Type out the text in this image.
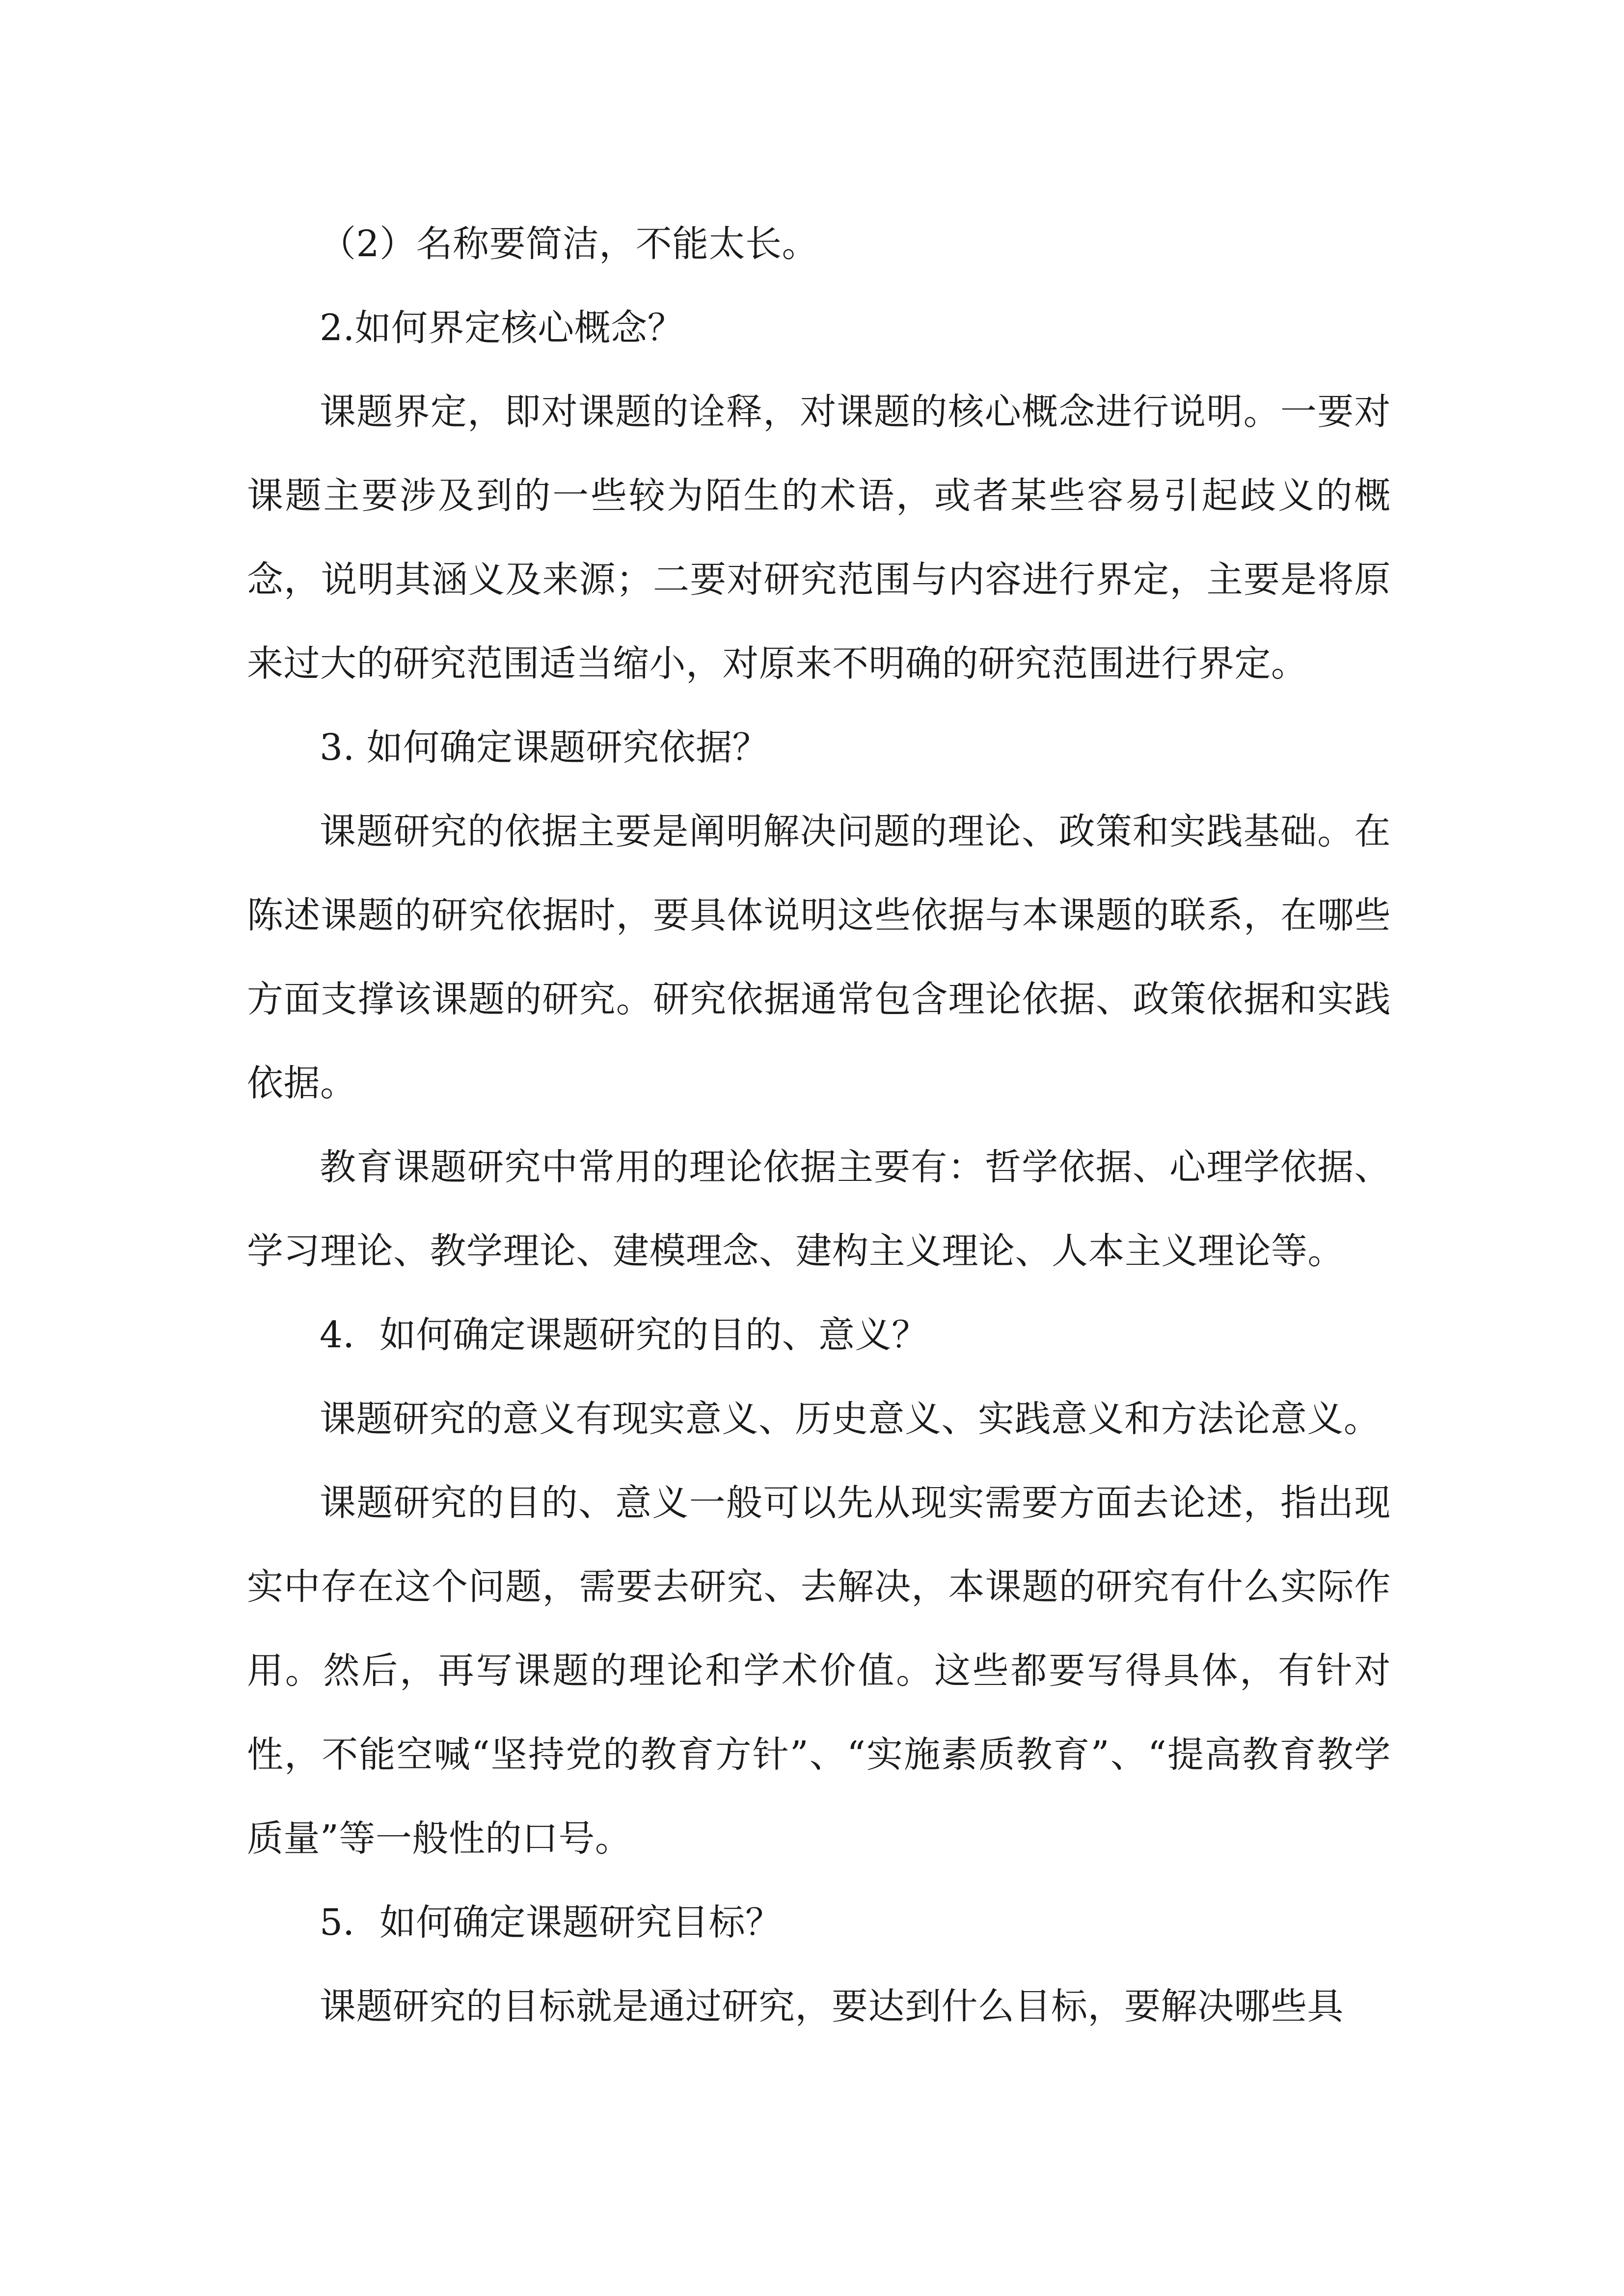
（2）名称要简洁，不能太长。

2.如何界定核心概念？

课题界定，即对课题的诠释，对课题的核心概念进行说明。一要对课题主要涉及到的一些较为陌生的术语，或者某些容易引起歧义的概念，说明其涵义及来源；二要对研究范围与内容进行界定，主要是将原来过大的研究范围适当缩小，对原来不明确的研究范围进行界定。

3. 如何确定课题研究依据？

课题研究的依据主要是阐明解决问题的理论、政策和实践基础。在陈述课题的研究依据时，要具体说明这些依据与本课题的联系，在哪些方面支撑该课题的研究。研究依据通常包含理论依据、政策依据和实践依据。

教育课题研究中常用的理论依据主要有：哲学依据、心理学依据、学习理论、教学理论、建模理念、建构主义理论、人本主义理论等。

4．如何确定课题研究的目的、意义？

课题研究的意义有现实意义、历史意义、实践意义和方法论意义。

课题研究的目的、意义一般可以先从现实需要方面去论述，指出现实中存在这个问题，需要去研究、去解决，本课题的研究有什么实际作用。然后，再写课题的理论和学术价值。这些都要写得具体，有针对性，不能空喊“坚持党的教育方针”、“实施素质教育”、“提高教育教学质量”等一般性的口号。

5．如何确定课题研究目标？

课题研究的目标就是通过研究，要达到什么目标，要解决哪些具
